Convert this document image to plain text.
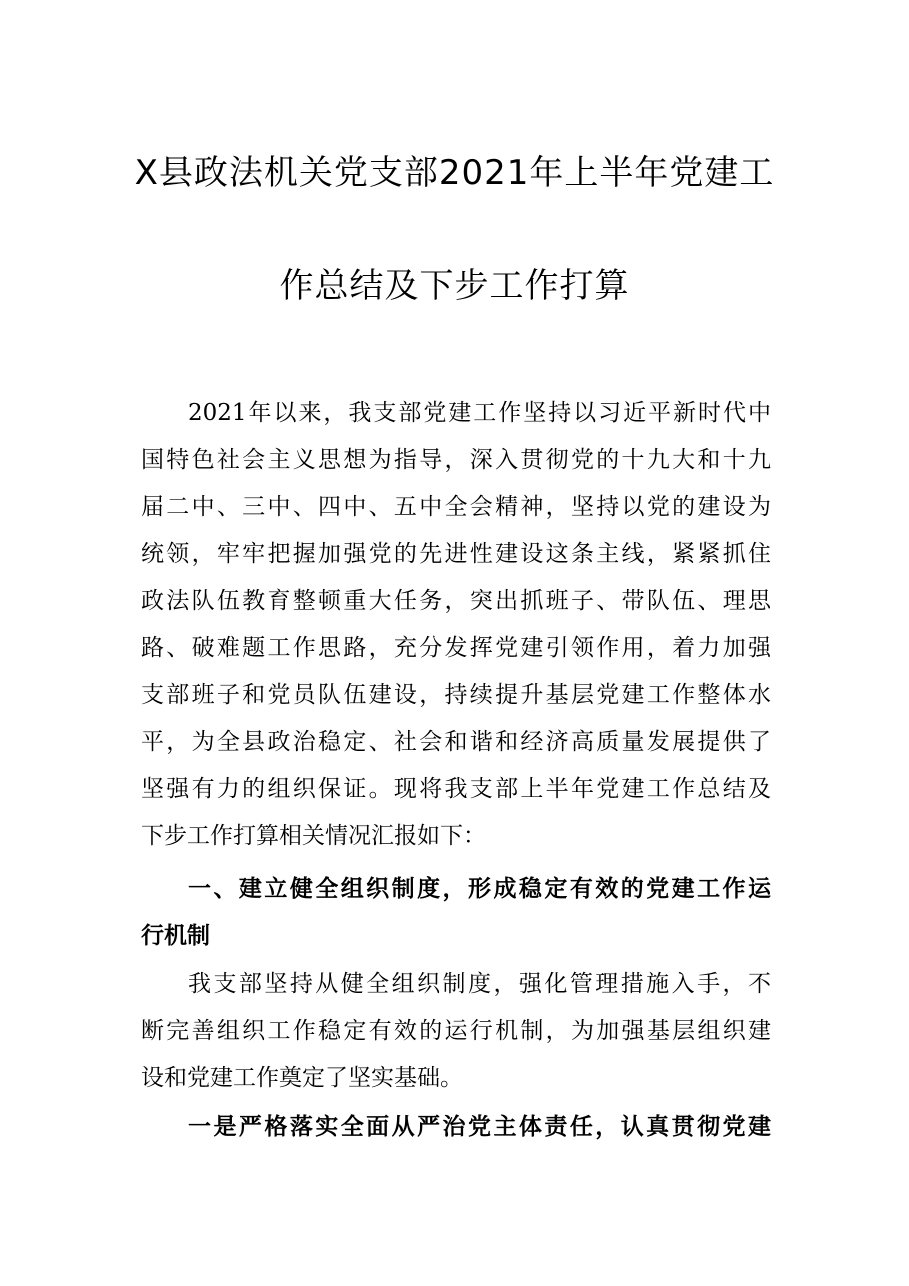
X县政法机关党支部2021年上半年党建工
作总结及下步工作打算
2021年以来，我支部党建工作坚持以习近平新时代中
国特色社会主义思想为指导，深入贯彻党的十九大和十九
届二中、三中、四中、五中全会精神，坚持以党的建设为
统领，牢牢把握加强党的先进性建设这条主线，紧紧抓住
政法队伍教育整顿重大任务，突出抓班子、带队伍、理思
路、破难题工作思路，充分发挥党建引领作用，着力加强
支部班子和党员队伍建设，持续提升基层党建工作整体水
平，为全县政治稳定、社会和谐和经济高质量发展提供了
坚强有力的组织保证。现将我支部上半年党建工作总结及
下步工作打算相关情况汇报如下：
一、建立健全组织制度，形成稳定有效的党建工作运
行机制
我支部坚持从健全组织制度，强化管理措施入手，不
断完善组织工作稳定有效的运行机制，为加强基层组织建
设和党建工作奠定了坚实基础。
一是严格落实全面从严治党主体责任，认真贯彻党建
